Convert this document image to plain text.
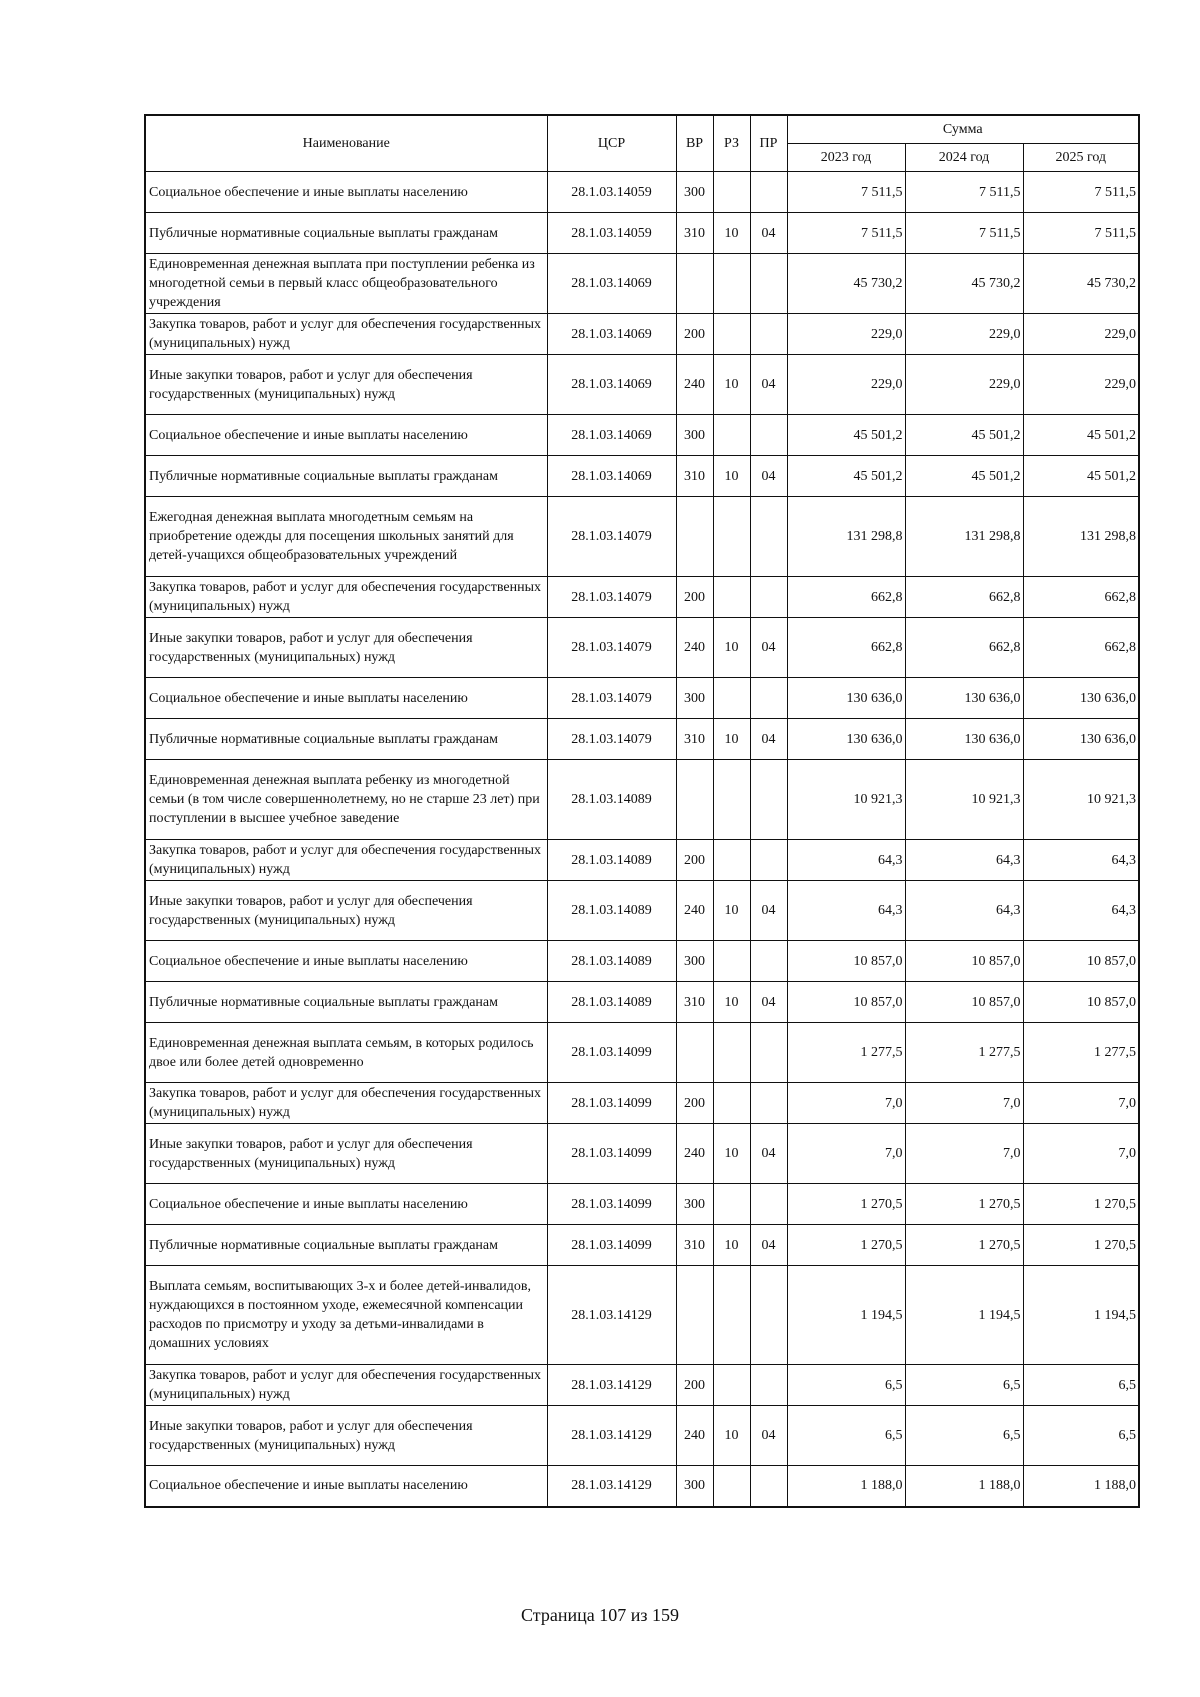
Наименование	ЦСР	ВР	РЗ	ПР	Сумма		
					2023 год	2024 год	2025 год
Социальное обеспечение и иные выплаты населению	28.1.03.14059	300			7 511,5	7 511,5	7 511,5
Публичные нормативные социальные выплаты гражданам	28.1.03.14059	310	10	04	7 511,5	7 511,5	7 511,5
Единовременная денежная выплата при поступлении ребенка из многодетной семьи в первый класс общеобразовательного учреждения	28.1.03.14069				45 730,2	45 730,2	45 730,2
Закупка товаров, работ и услуг для обеспечения государственных (муниципальных) нужд	28.1.03.14069	200			229,0	229,0	229,0
Иные закупки товаров, работ и услуг для обеспечения государственных (муниципальных) нужд	28.1.03.14069	240	10	04	229,0	229,0	229,0
Социальное обеспечение и иные выплаты населению	28.1.03.14069	300			45 501,2	45 501,2	45 501,2
Публичные нормативные социальные выплаты гражданам	28.1.03.14069	310	10	04	45 501,2	45 501,2	45 501,2
Ежегодная денежная выплата многодетным семьям на приобретение одежды для посещения школьных занятий для детей-учащихся общеобразовательных учреждений	28.1.03.14079				131 298,8	131 298,8	131 298,8
Закупка товаров, работ и услуг для обеспечения государственных (муниципальных) нужд	28.1.03.14079	200			662,8	662,8	662,8
Иные закупки товаров, работ и услуг для обеспечения государственных (муниципальных) нужд	28.1.03.14079	240	10	04	662,8	662,8	662,8
Социальное обеспечение и иные выплаты населению	28.1.03.14079	300			130 636,0	130 636,0	130 636,0
Публичные нормативные социальные выплаты гражданам	28.1.03.14079	310	10	04	130 636,0	130 636,0	130 636,0
Единовременная денежная выплата ребенку из многодетной семьи (в том числе совершеннолетнему, но не старше 23 лет) при поступлении в высшее учебное заведение	28.1.03.14089				10 921,3	10 921,3	10 921,3
Закупка товаров, работ и услуг для обеспечения государственных (муниципальных) нужд	28.1.03.14089	200			64,3	64,3	64,3
Иные закупки товаров, работ и услуг для обеспечения государственных (муниципальных) нужд	28.1.03.14089	240	10	04	64,3	64,3	64,3
Социальное обеспечение и иные выплаты населению	28.1.03.14089	300			10 857,0	10 857,0	10 857,0
Публичные нормативные социальные выплаты гражданам	28.1.03.14089	310	10	04	10 857,0	10 857,0	10 857,0
Единовременная денежная выплата семьям, в которых родилось двое или более детей одновременно	28.1.03.14099				1 277,5	1 277,5	1 277,5
Закупка товаров, работ и услуг для обеспечения государственных (муниципальных) нужд	28.1.03.14099	200			7,0	7,0	7,0
Иные закупки товаров, работ и услуг для обеспечения государственных (муниципальных) нужд	28.1.03.14099	240	10	04	7,0	7,0	7,0
Социальное обеспечение и иные выплаты населению	28.1.03.14099	300			1 270,5	1 270,5	1 270,5
Публичные нормативные социальные выплаты гражданам	28.1.03.14099	310	10	04	1 270,5	1 270,5	1 270,5
Выплата семьям, воспитывающих 3-х и более детей-инвалидов, нуждающихся в постоянном уходе, ежемесячной компенсации расходов по присмотру и уходу за детьми-инвалидами в домашних условиях	28.1.03.14129				1 194,5	1 194,5	1 194,5
Закупка товаров, работ и услуг для обеспечения государственных (муниципальных) нужд	28.1.03.14129	200			6,5	6,5	6,5
Иные закупки товаров, работ и услуг для обеспечения государственных (муниципальных) нужд	28.1.03.14129	240	10	04	6,5	6,5	6,5
Социальное обеспечение и иные выплаты населению	28.1.03.14129	300			1 188,0	1 188,0	1 188,0
Страница 107 из 159
